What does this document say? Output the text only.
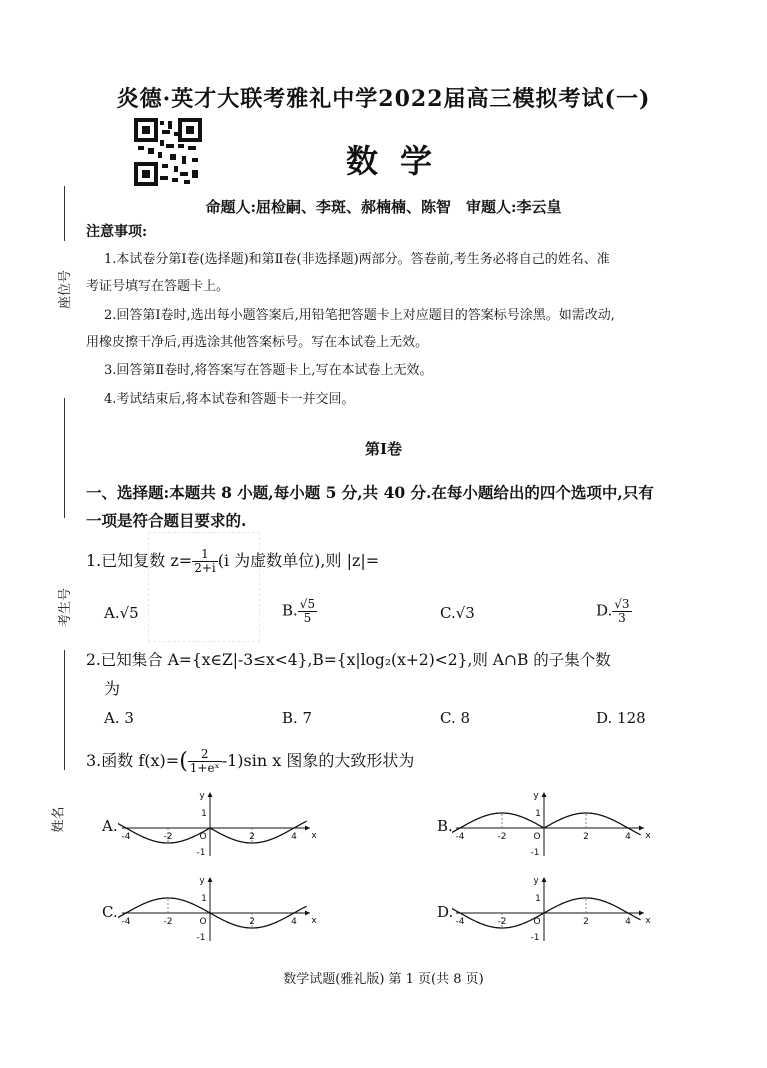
炎德·英才大联考雅礼中学2022届高三模拟考试(一)
数学
命题人:屈检嗣、李斑、郝楠楠、陈智　审题人:李云皇
座位号
考生号
姓名
注意事项:
1.本试卷分第Ⅰ卷(选择题)和第Ⅱ卷(非选择题)两部分。答卷前,考生务必将自己的姓名、准
考证号填写在答题卡上。
2.回答第Ⅰ卷时,选出每小题答案后,用铅笔把答题卡上对应题目的答案标号涂黑。如需改动,
用橡皮擦干净后,再选涂其他答案标号。写在本试卷上无效。
3.回答第Ⅱ卷时,将答案写在答题卡上,写在本试卷上无效。
4.考试结束后,将本试卷和答题卡一并交回。
第Ⅰ卷
一、选择题:本题共 8 小题,每小题 5 分,共 40 分.在每小题给出的四个选项中,只有
一项是符合题目要求的.
1.已知复数 $z= \frac{1}{2+i} (i$ 为虚数单位),则 |z|=
A.√5	B. $\frac{√5}{5}$	C.√3	D. $\frac{√3}{3}$
2.已知集合 A={x∈Z|-3≤x<4},B={x|log₂(x+2)<2},则 A∩B 的子集个数
为
A. 3	B. 7	C. 8	D. 128
3.函数 $f(x)=( \frac{2}{\text{1+eˣ}} -1)\sin$ x 图象的大致形状为
A.
-4	-2	2	4
O
1
-1
x
y
B.
-4	-2	2	4
O
1
-1
x
y
C.
-4	-2	2	4
O
1
-1
x
y
D.
-4	-2	2	4
O
1
-1
x
y
数学试题(雅礼版) 第 1 页(共 8 页)
